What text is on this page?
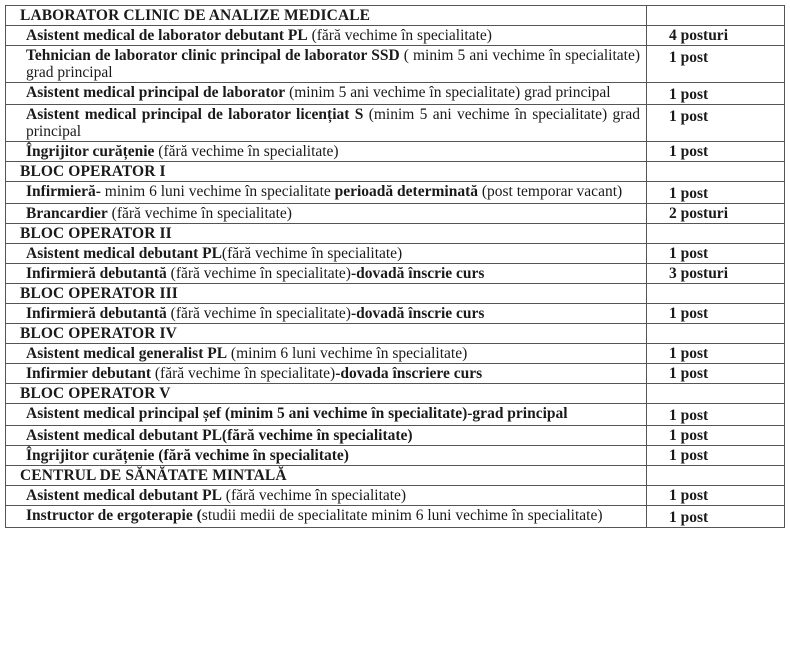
LABORATOR CLINIC DE ANALIZE MEDICALE	
Asistent medical de laborator debutant PL (fără vechime în specialitate)	4 posturi
Tehnician de laborator clinic principal de laborator SSD ( minim 5 ani vechime în specialitate) grad principal	1 post
Asistent medical principal de laborator (minim 5 ani vechime în specialitate) grad principal	1 post
Asistent medical principal de laborator licențiat S (minim 5 ani vechime în specialitate) grad principal	1 post
Îngrijitor curățenie (fără vechime în specialitate)	1 post
BLOC OPERATOR I	
Infirmieră- minim 6 luni vechime în specialitate perioadă determinată (post temporar vacant)	1 post
Brancardier (fără vechime în specialitate)	2 posturi
BLOC OPERATOR II	
Asistent medical debutant PL(fără vechime în specialitate)	1 post
Infirmieră debutantă (fără vechime în specialitate)-dovadă înscrie curs	3 posturi
BLOC OPERATOR III	
Infirmieră debutantă (fără vechime în specialitate)-dovadă înscrie curs	1 post
BLOC OPERATOR IV	
Asistent medical generalist PL (minim 6 luni vechime în specialitate)	1 post
Infirmier debutant (fără vechime în specialitate)-dovada înscriere curs	1 post
BLOC OPERATOR V	
Asistent medical principal șef (minim 5 ani vechime în specialitate)-grad principal	1 post
Asistent medical debutant PL(fără vechime în specialitate)	1 post
Îngrijitor curățenie (fără vechime în specialitate)	1 post
CENTRUL DE SĂNĂTATE MINTALĂ	
Asistent medical debutant PL (fără vechime în specialitate)	1 post
Instructor de ergoterapie (studii medii de specialitate minim 6 luni vechime în specialitate)	1 post
